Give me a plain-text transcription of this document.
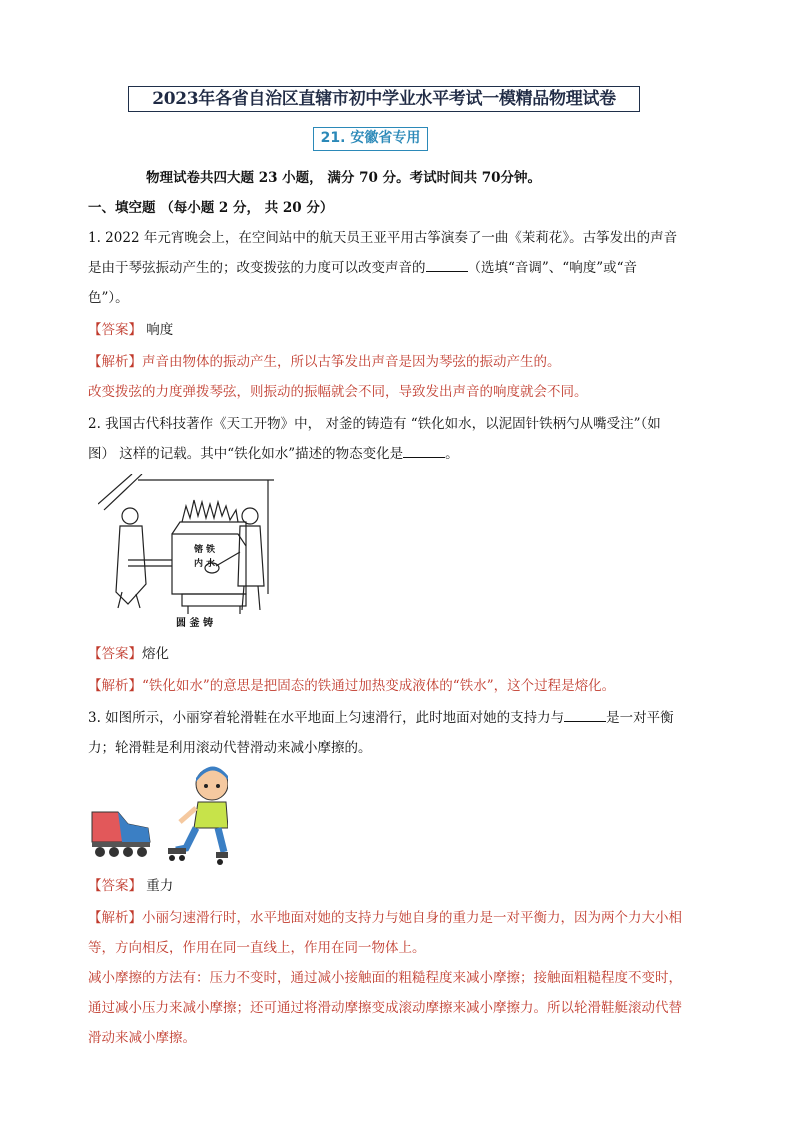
2023年各省自治区直辖市初中学业水平考试一模精品物理试卷
21. 安徽省专用
物理试卷共四大题 23 小题， 满分 70 分。考试时间共 70分钟。
一、填空题 （每小题 2 分， 共 20 分）
1. 2022 年元宵晚会上，在空间站中的航天员王亚平用古筝演奏了一曲《茉莉花》。古筝发出的声音
是由于琴弦振动产生的；改变拨弦的力度可以改变声音的	（选填“音调”、“响度”或“音
色”）。
【答案】 响度
【解析】声音由物体的振动产生，所以古筝发出声音是因为琴弦的振动产生的。
改变拨弦的力度弹拨琴弦，则振动的振幅就会不同，导致发出声音的响度就会不同。
2. 我国古代科技著作《天工开物》中， 对釜的铸造有 “铁化如水，以泥固针铁柄勺从嘴受注”（如
图） 这样的记载。其中“铁化如水”描述的物态变化是	。
镕 铁
内 水
圆 釜 铸
【答案】熔化
【解析】“铁化如水”的意思是把固态的铁通过加热变成液体的“铁水”，这个过程是熔化。
3. 如图所示，小丽穿着轮滑鞋在水平地面上匀速滑行，此时地面对她的支持力与	是一对平衡
力；轮滑鞋是利用滚动代替滑动来减小摩擦的。
【答案】 重力
【解析】小丽匀速滑行时，水平地面对她的支持力与她自身的重力是一对平衡力，因为两个力大小相
等，方向相反，作用在同一直线上，作用在同一物体上。
减小摩擦的方法有：压力不变时，通过减小接触面的粗糙程度来减小摩擦；接触面粗糙程度不变时，
通过减小压力来减小摩擦；还可通过将滑动摩擦变成滚动摩擦来减小摩擦力。所以轮滑鞋艇滚动代替
滑动来减小摩擦。
